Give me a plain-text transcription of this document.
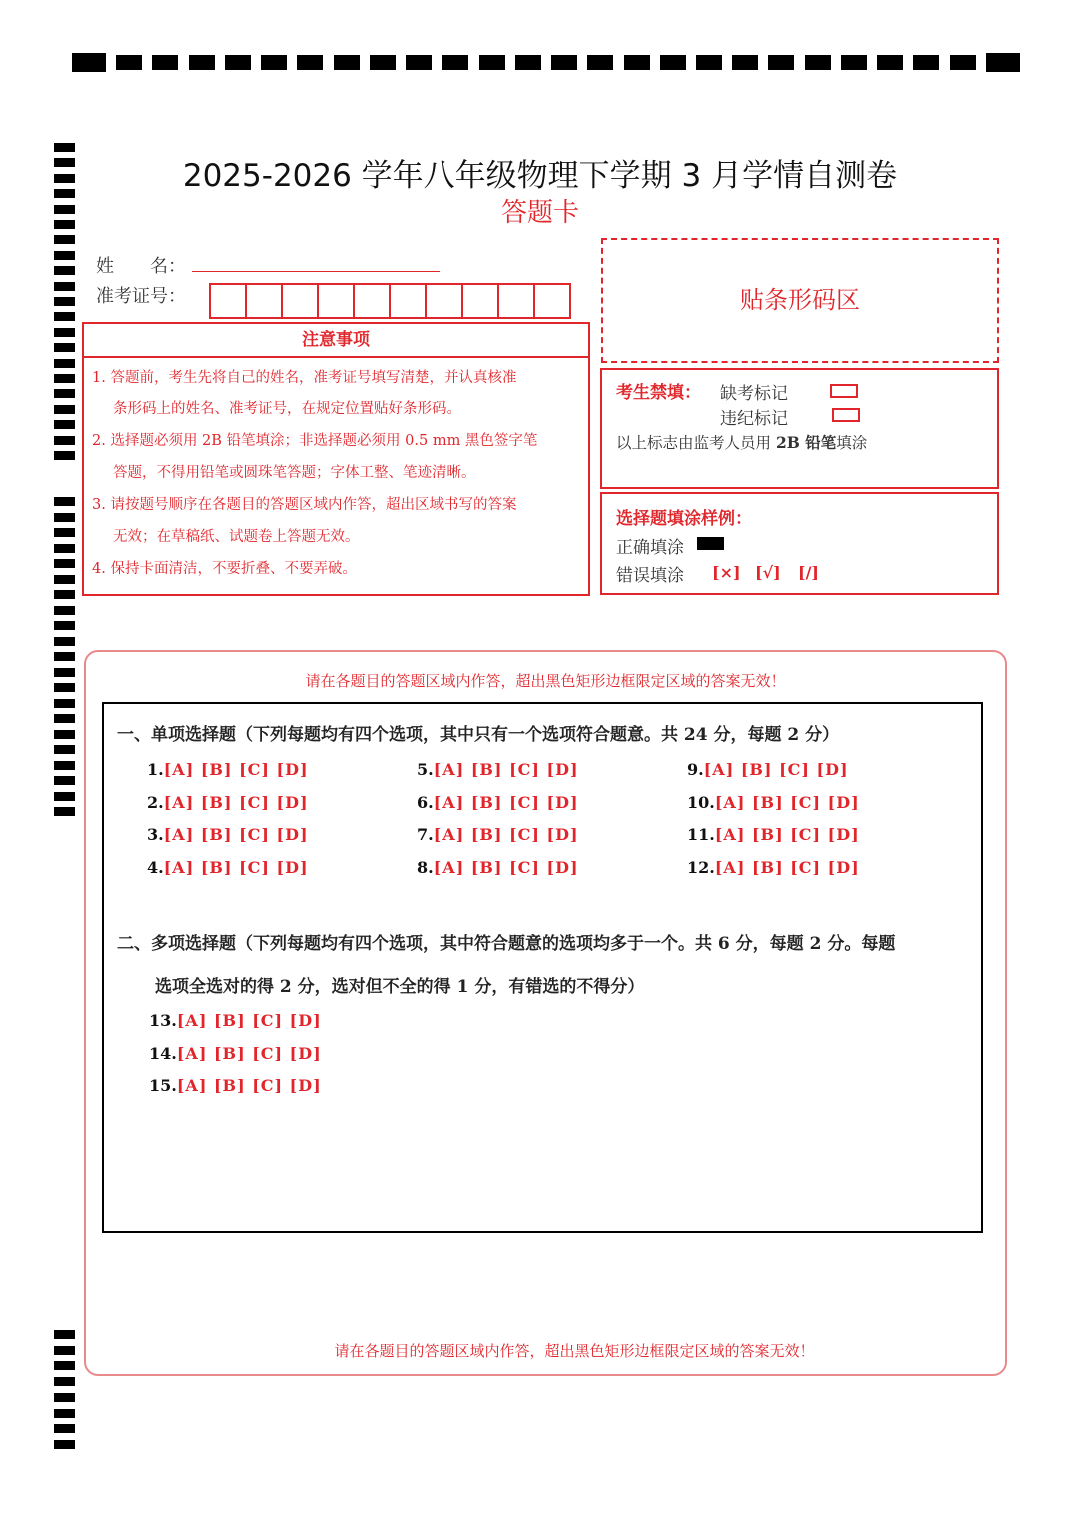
2025-2026 学年八年级物理下学期 3 月学情自测卷
答题卡
姓　　名：
准考证号：
注意事项
1. 答题前，考生先将自己的姓名，准考证号填写清楚，并认真核准
条形码上的姓名、准考证号，在规定位置贴好条形码。
2. 选择题必须用 2B 铅笔填涂；非选择题必须用 0.5 mm 黑色签字笔
答题，不得用铅笔或圆珠笔答题；字体工整、笔迹清晰。
3. 请按题号顺序在各题目的答题区域内作答，超出区域书写的答案
无效；在草稿纸、试题卷上答题无效。
4. 保持卡面清洁，不要折叠、不要弄破。
贴条形码区
考生禁填： 缺考标记
违纪标记
以上标志由监考人员用 2B 铅笔填涂
选择题填涂样例：
正确填涂
错误填涂 [×] [√] [/]
请在各题目的答题区域内作答，超出黑色矩形边框限定区域的答案无效！
请在各题目的答题区域内作答，超出黑色矩形边框限定区域的答案无效！
一、单项选择题（下列每题均有四个选项，其中只有一个选项符合题意。共 24 分，每题 2 分）
二、多项选择题（下列每题均有四个选项，其中符合题意的选项均多于一个。共 6 分，每题 2 分。每题
选项全选对的得 2 分，选对但不全的得 1 分，有错选的不得分）
1.[A] [B] [C] [D]
2.[A] [B] [C] [D]
3.[A] [B] [C] [D]
4.[A] [B] [C] [D]
5.[A] [B] [C] [D]
6.[A] [B] [C] [D]
7.[A] [B] [C] [D]
8.[A] [B] [C] [D]
9.[A] [B] [C] [D]
10.[A] [B] [C] [D]
11.[A] [B] [C] [D]
12.[A] [B] [C] [D]
13.[A] [B] [C] [D]
14.[A] [B] [C] [D]
15.[A] [B] [C] [D]
